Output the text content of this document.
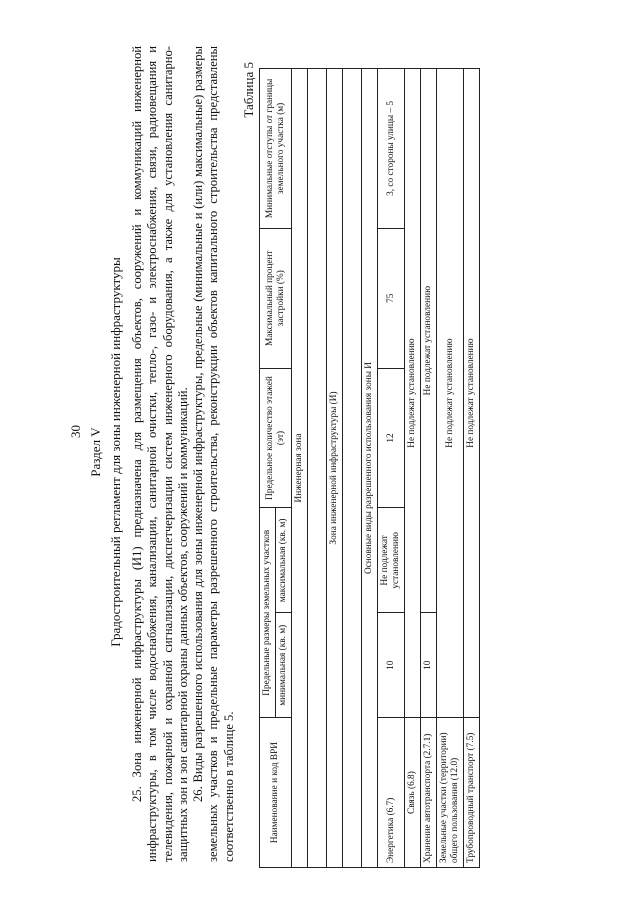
30 Раздел V Градостроительный регламент для зоны инженерной инфраструктуры 25. Зона инженерной инфраструктуры (И1) предназначена для размещения объектов, сооружений и коммуникаций инженерной инфраструктуры, в том числе водоснабжения, канализации, санитарной очистки, тепло-, газо- и электроснабжения, связи, радиовещания и телевидения, пожарной и охранной сигнализации, диспетчеризации систем инженерного оборудования, а также для установления санитарно-защитных зон и зон санитарной охраны данных объектов, сооружений и коммуникаций. 26. Виды разрешенного использования для зоны инженерной инфраструктуры, предельные (минимальные и (или) максимальные) размеры земельных участков и предельные параметры разрешенного строительства, реконструкции объектов капитального строительства представлены соответственно в таблице 5.

Таблица 5
Наименование и код ВРИ	Предельные размеры земельных участков		Предельное количество этажей (эт)	Максимальный процент застройки (%)	Минимальные отступы от границы земельного участка (м)
	минимальная (кв. м)	максимальная (кв. м)			
Инженерная зона					

Зона инженерной инфраструктуры (И)					

Основные виды разрешенного использования зоны И					
Энергетика (6.7)	10	Не подлежат установлению	12	75	3, со стороны улицы – 5
Связь (6.8)	Не подлежат установлению				
Хранение автотранспорта (2.7.1)	10	Не подлежат установлению			
Земельные участки (территории) общего пользования (12.0)	Не подлежат установлению				
Трубопроводный транспорт (7.5)	Не подлежат установлению				
